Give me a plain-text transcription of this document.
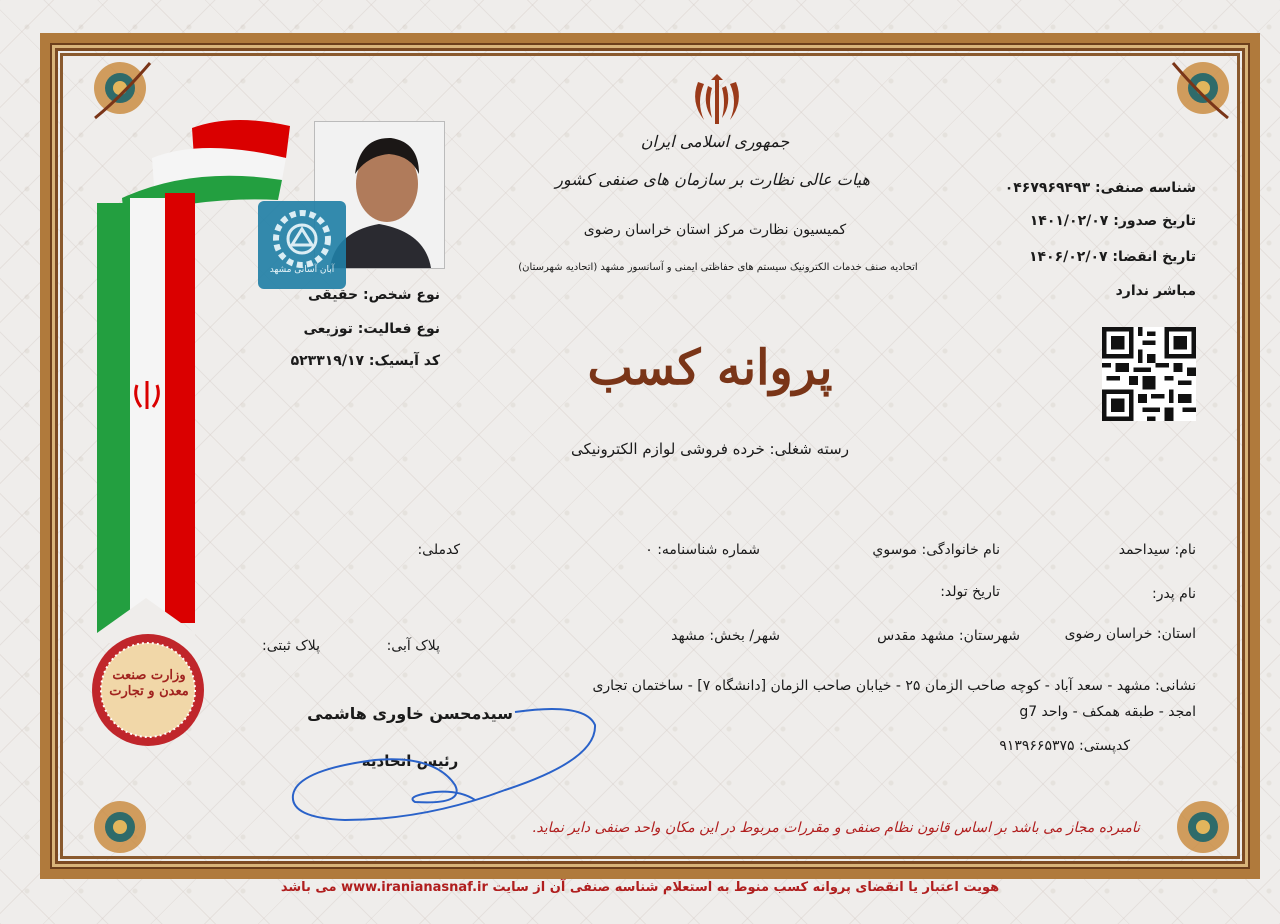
وزارت صنعت معدن و تجارت
آبان آسانی مشهد
جمهوری اسلامی ایران
هیات عالی نظارت بر سازمان های صنفی کشور
کمیسیون نظارت مرکز استان خراسان رضوی
اتحادیه صنف خدمات الکترونیک سیستم های حفاظتی ایمنی و آسانسور مشهد (اتحادیه شهرستان)
پروانه کسب
رسته شغلی: خرده فروشی لوازم الکترونیکی
شناسه صنفی: ۰۴۶۷۹۶۹۴۹۳
تاریخ صدور: ۱۴۰۱/۰۲/۰۷
تاریخ انقضا: ۱۴۰۶/۰۲/۰۷
مباشر ندارد
نوع شخص: حقیقی
نوع فعالیت: توزیعی
کد آیسیک: ۵۲۳۳۱۹/۱۷
نام: سیداحمد
نام خانوادگی: موسوي
شماره شناسنامه: ۰
کدملی:
نام پدر:
تاریخ تولد:
استان: خراسان رضوی
شهرستان: مشهد مقدس
شهر/ بخش: مشهد
پلاک آبی:
پلاک ثبتی:
نشانی: مشهد - سعد آباد - کوچه صاحب الزمان ۲۵ - خیابان صاحب الزمان [دانشگاه ۷] - ساختمان تجاری
امجد - طبقه همکف - واحد g7
کدپستی: ۹۱۳۹۶۶۵۳۷۵
سیدمحسن خاوری هاشمی
رئیس اتحادیه
نامبرده مجاز می باشد بر اساس قانون نظام صنفی و مقررات مربوط در این مکان واحد صنفی دایر نماید.
هویت اعتبار یا انقضای پروانه کسب منوط به استعلام شناسه صنفی آن از سایت www.iranianasnaf.ir می باشد
